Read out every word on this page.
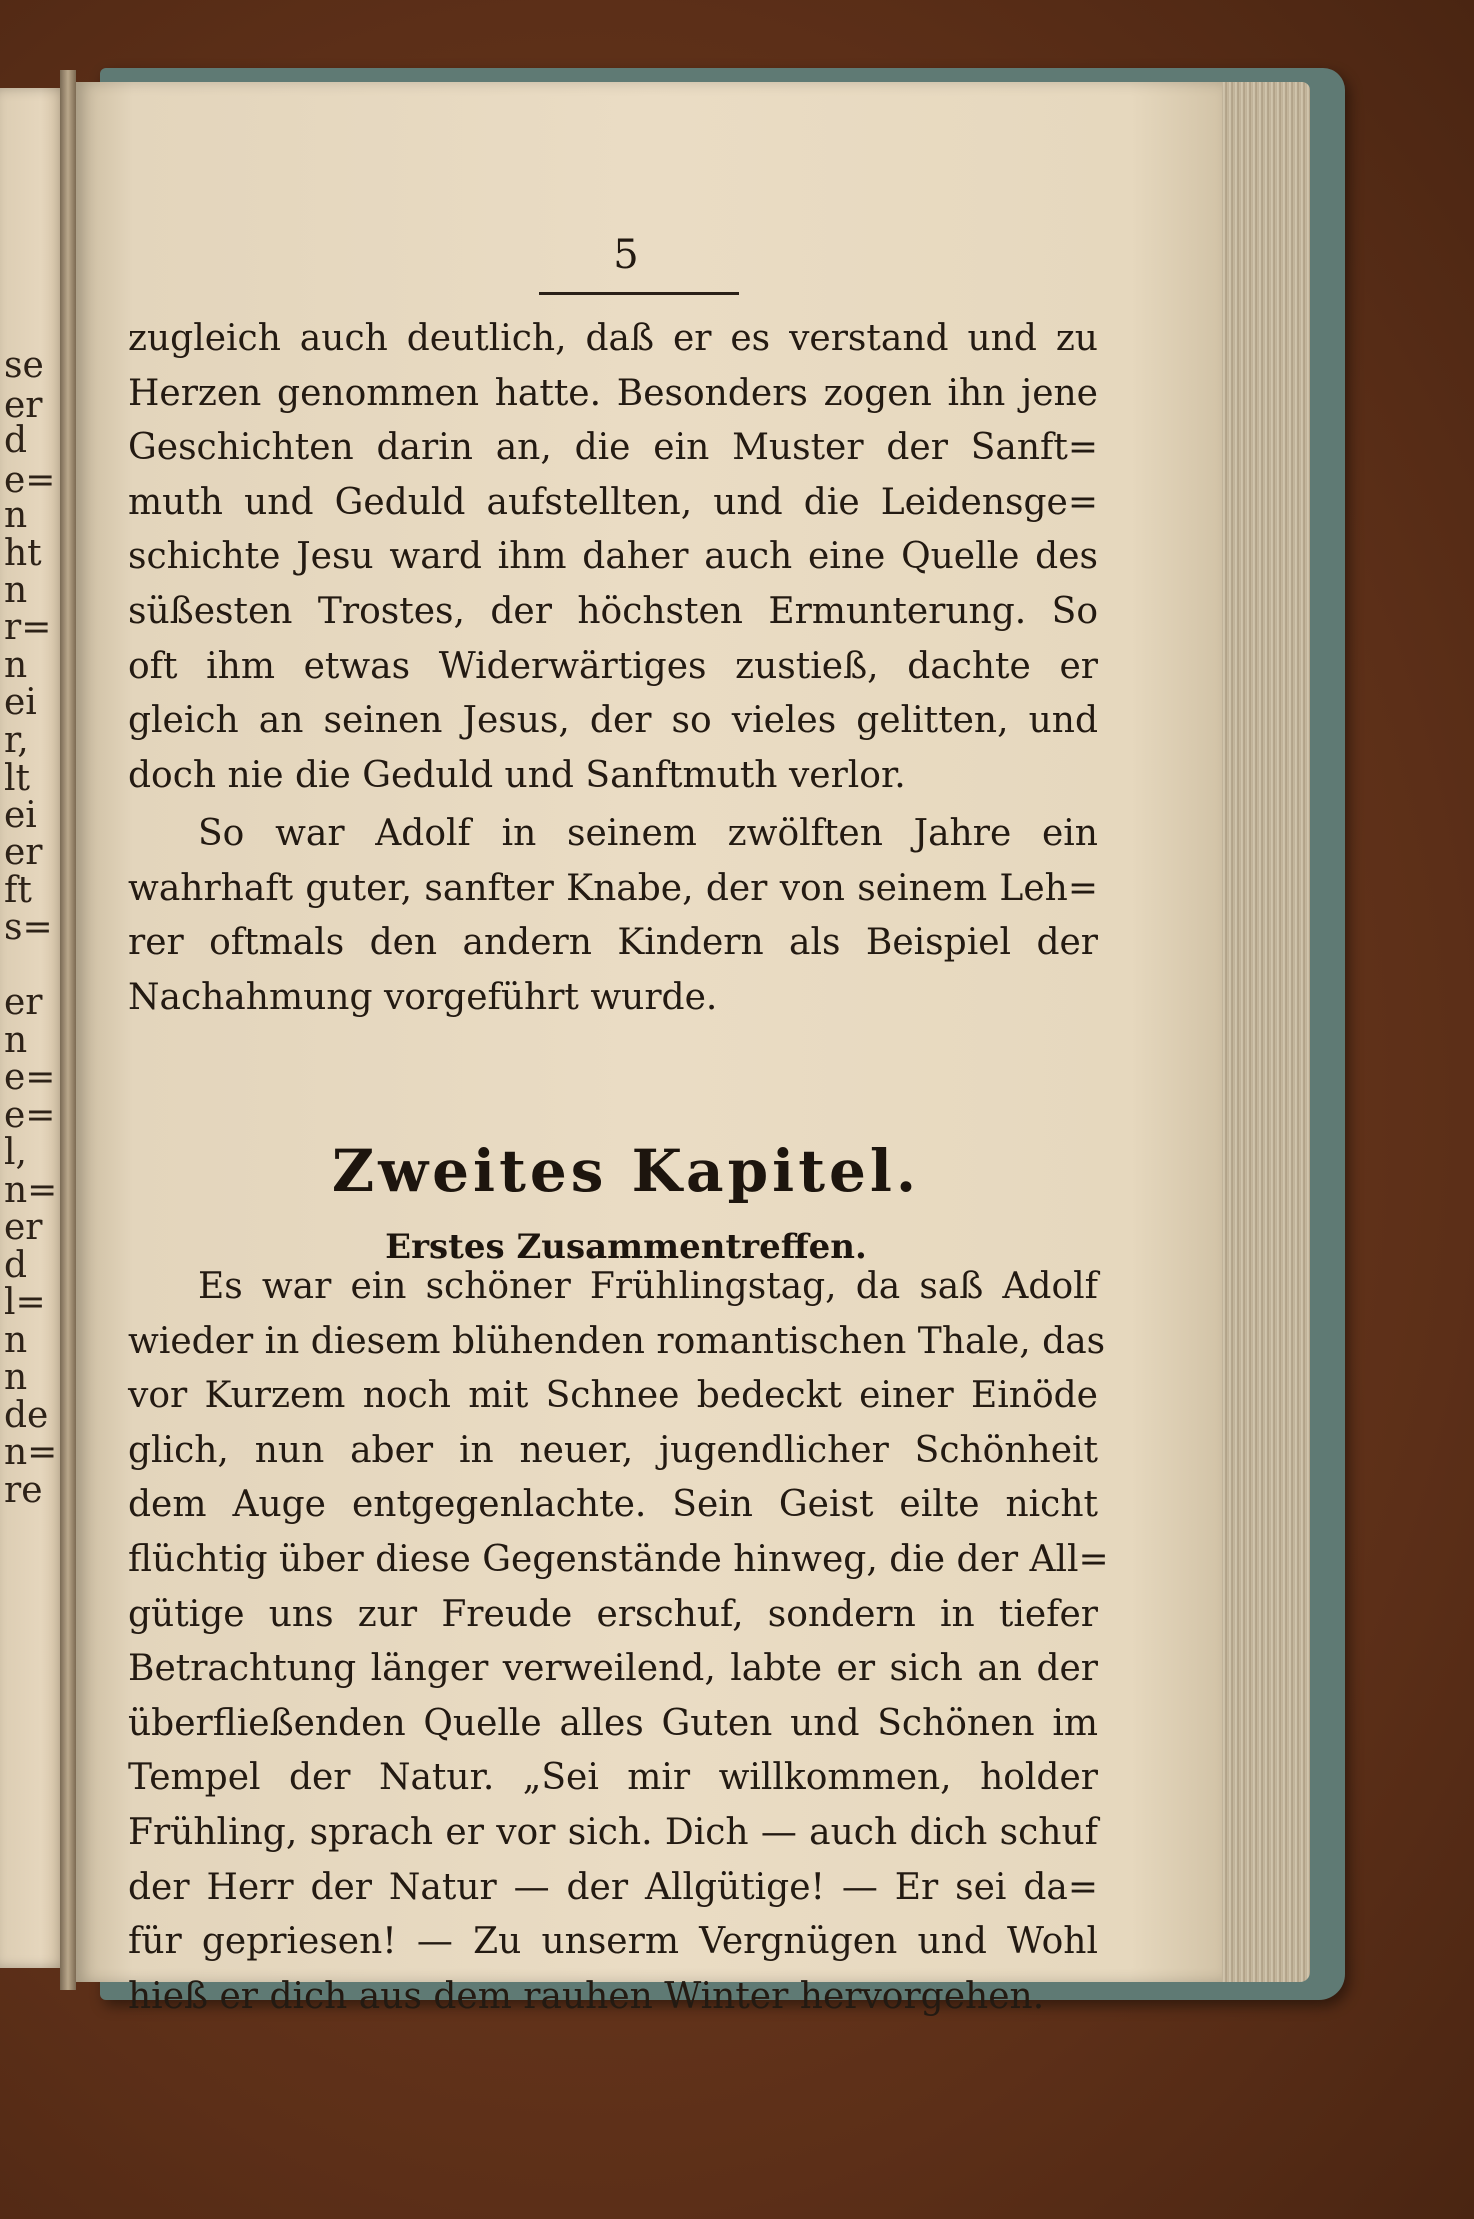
se
er
d
e=
n
ht
n
r=
n
ei
r,
lt
ei
er
ft
s=
er
n
e=
e=
l,
n=
er
d
l=
n
n
de
n=
re
5

zugleich auch deutlich, daß er es verstand und zu
Herzen genommen hatte. Besonders zogen ihn jene
Geschichten darin an, die ein Muster der Sanft=
muth und Geduld aufstellten, und die Leidensge=
schichte Jesu ward ihm daher auch eine Quelle des
süßesten Trostes, der höchsten Ermunterung. So
oft ihm etwas Widerwärtiges zustieß, dachte er
gleich an seinen Jesus, der so vieles gelitten, und
doch nie die Geduld und Sanftmuth verlor.

So war Adolf in seinem zwölften Jahre ein
wahrhaft guter, sanfter Knabe, der von seinem Leh=
rer oftmals den andern Kindern als Beispiel der
Nachahmung vorgeführt wurde.

Zweites Kapitel.
Erstes Zusammentreffen.

Es war ein schöner Frühlingstag, da saß Adolf
wieder in diesem blühenden romantischen Thale, das
vor Kurzem noch mit Schnee bedeckt einer Einöde
glich, nun aber in neuer, jugendlicher Schönheit
dem Auge entgegenlachte. Sein Geist eilte nicht
flüchtig über diese Gegenstände hinweg, die der All=
gütige uns zur Freude erschuf, sondern in tiefer
Betrachtung länger verweilend, labte er sich an der
überfließenden Quelle alles Guten und Schönen im
Tempel der Natur. „Sei mir willkommen, holder
Frühling, sprach er vor sich. Dich — auch dich schuf
der Herr der Natur — der Allgütige! — Er sei da=
für gepriesen! — Zu unserm Vergnügen und Wohl
hieß er dich aus dem rauhen Winter hervorgehen.
